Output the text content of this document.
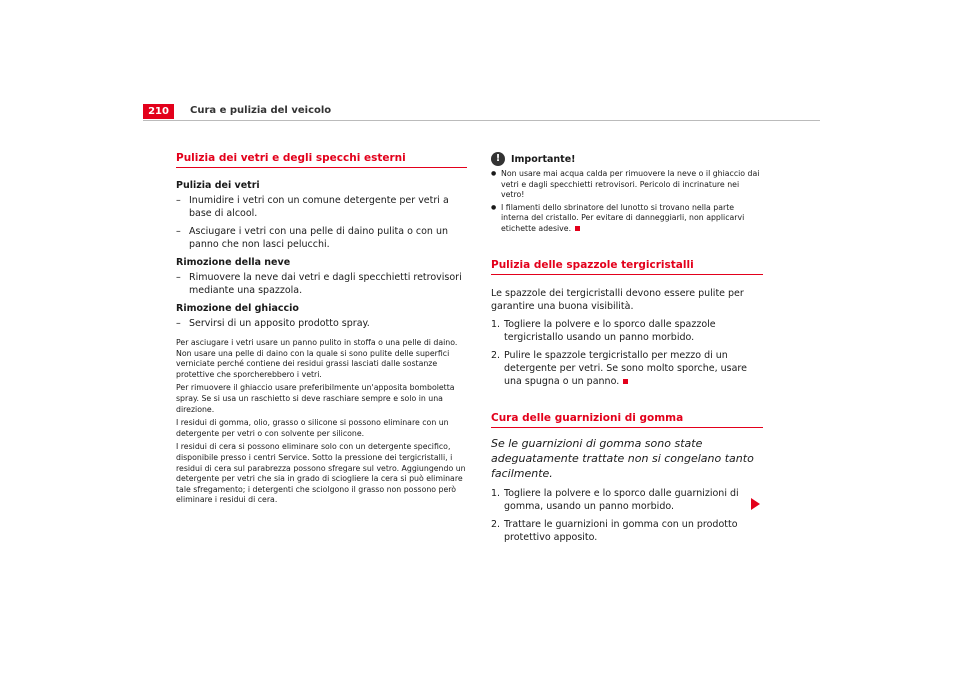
210	Cura e pulizia del veicolo
Pulizia dei vetri e degli specchi esterni

Pulizia dei vetri

– Inumidire i vetri con un comune detergente per vetri a base di alcool.

– Asciugare i vetri con una pelle di daino pulita o con un panno che non lasci pelucchi.

Rimozione della neve

– Rimuovere la neve dai vetri e dagli specchietti retrovisori mediante una spazzola.

Rimozione del ghiaccio

– Servirsi di un apposito prodotto spray.

Per asciugare i vetri usare un panno pulito in stoffa o una pelle di daino. Non usare una pelle di daino con la quale si sono pulite delle superfici verniciate perché contiene dei residui grassi lasciati dalle sostanze protettive che sporcherebbero i vetri.

Per rimuovere il ghiaccio usare preferibilmente un'apposita bomboletta spray. Se si usa un raschietto si deve raschiare sempre e solo in una direzione.

I residui di gomma, olio, grasso o silicone si possono eliminare con un detergente per vetri o con solvente per silicone.

I residui di cera si possono eliminare solo con un detergente specifico, disponibile presso i centri Service. Sotto la pressione dei tergicristalli, i residui di cera sul parabrezza possono sfregare sul vetro. Aggiungendo un detergente per vetri che sia in grado di sciogliere la cera si può eliminare tale sfregamento; i detergenti che sciolgono il grasso non possono però eliminare i residui di cera.

!	Importante!

● Non usare mai acqua calda per rimuovere la neve o il ghiaccio dai vetri e dagli specchietti retrovisori. Pericolo di incrinature nei vetro!

● I filamenti dello sbrinatore del lunotto si trovano nella parte interna del cristallo. Per evitare di danneggiarli, non applicarvi etichette adesive.

Pulizia delle spazzole tergicristalli

Le spazzole dei tergicristalli devono essere pulite per garantire una buona visibilità.

1. Togliere la polvere e lo sporco dalle spazzole tergicristallo usando un panno morbido.

2. Pulire le spazzole tergicristallo per mezzo di un detergente per vetri. Se sono molto sporche, usare una spugna o un panno.

Cura delle guarnizioni di gomma

Se le guarnizioni di gomma sono state adeguatamente trattate non si congelano tanto facilmente.

1. Togliere la polvere e lo sporco dalle guarnizioni di gomma, usando un panno morbido.

2. Trattare le guarnizioni in gomma con un prodotto protettivo apposito.
